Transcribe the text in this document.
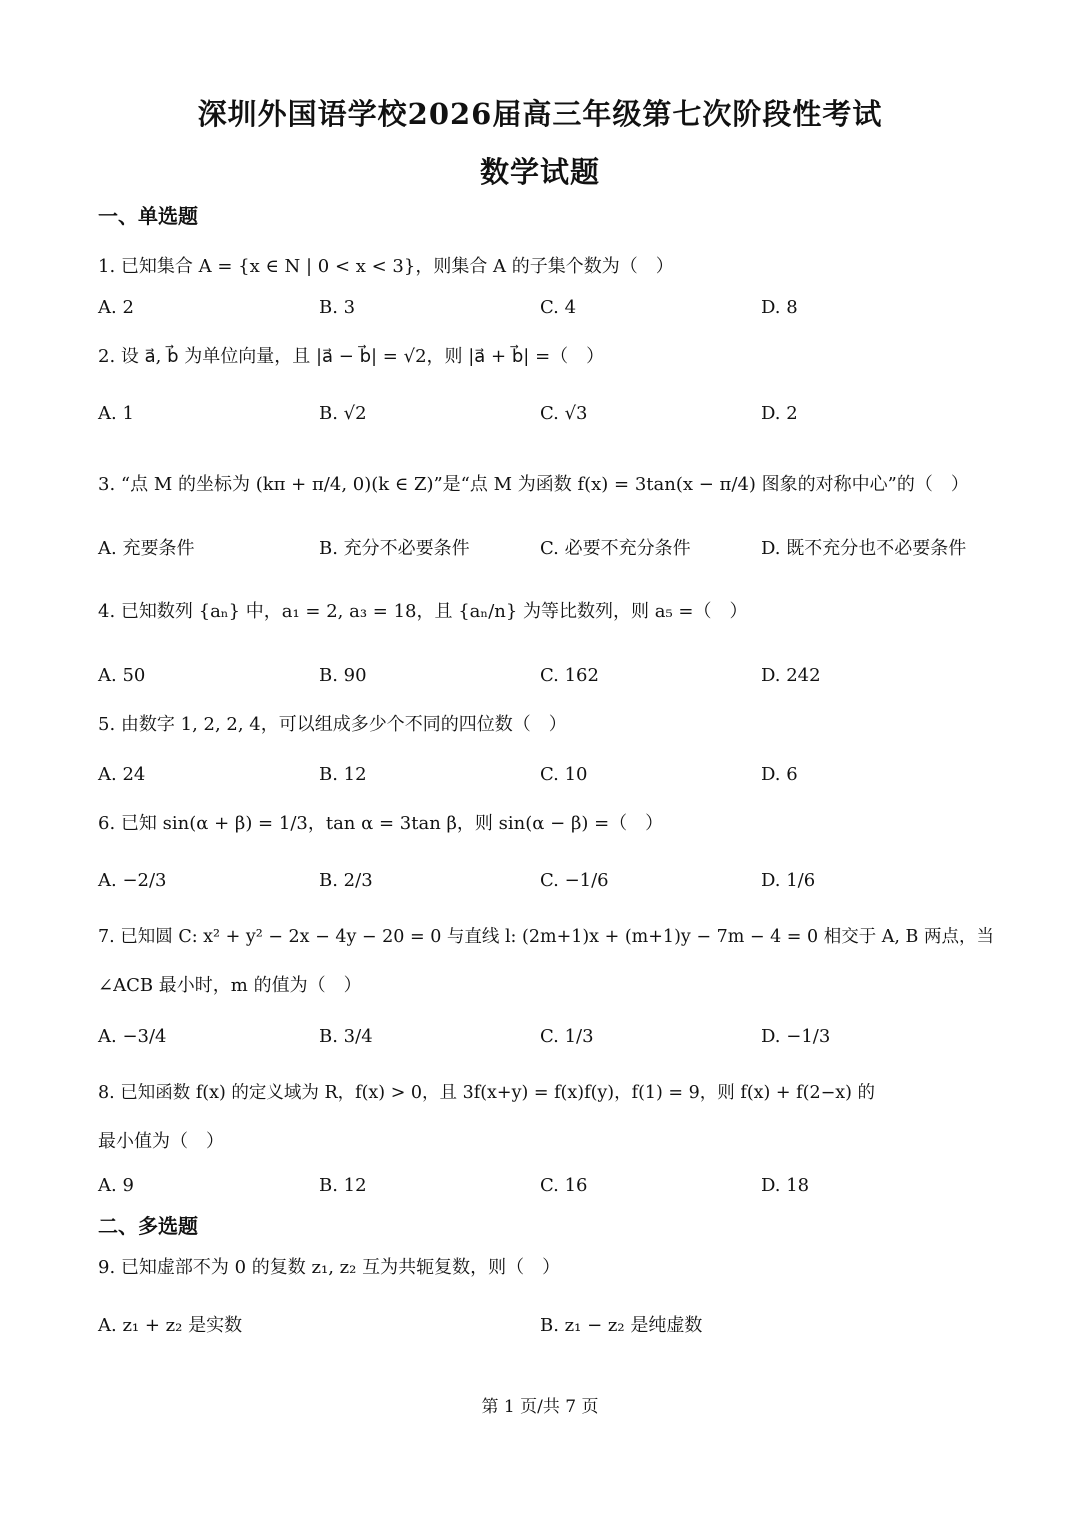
深圳外国语学校2026届高三年级第七次阶段性考试
数学试题
一、单选题
1. 已知集合 A = {x ∈ N | 0 < x < 3}，则集合 A 的子集个数为（　）
A. 2	B. 3	C. 4	D. 8
2. 设 a⃗, b⃗ 为单位向量，且 |a⃗ − b⃗| = √2，则 |a⃗ + b⃗| =（　）
A. 1	B. √2	C. √3	D. 2
3. “点 M 的坐标为 (kπ + π/4, 0)(k ∈ Z)”是“点 M 为函数 f(x) = 3tan(x − π/4) 图象的对称中心”的（　）
A. 充要条件	B. 充分不必要条件	C. 必要不充分条件	D. 既不充分也不必要条件
4. 已知数列 {aₙ} 中，a₁ = 2, a₃ = 18，且 {aₙ/n} 为等比数列，则 a₅ =（　）
A. 50	B. 90	C. 162	D. 242
5. 由数字 1, 2, 2, 4，可以组成多少个不同的四位数（　）
A. 24	B. 12	C. 10	D. 6
6. 已知 sin(α + β) = 1/3，tan α = 3tan β，则 sin(α − β) =（　）
A. −2/3	B. 2/3	C. −1/6	D. 1/6
7. 已知圆 C: x² + y² − 2x − 4y − 20 = 0 与直线 l: (2m+1)x + (m+1)y − 7m − 4 = 0 相交于 A, B 两点，当
∠ACB 最小时，m 的值为（　）
A. −3/4	B. 3/4	C. 1/3	D. −1/3
8. 已知函数 f(x) 的定义域为 R，f(x) > 0，且 3f(x+y) = f(x)f(y)，f(1) = 9，则 f(x) + f(2−x) 的
最小值为（　）
A. 9	B. 12	C. 16	D. 18
二、多选题
9. 已知虚部不为 0 的复数 z₁, z₂ 互为共轭复数，则（　）
A. z₁ + z₂ 是实数	B. z₁ − z₂ 是纯虚数
第 1 页/共 7 页
